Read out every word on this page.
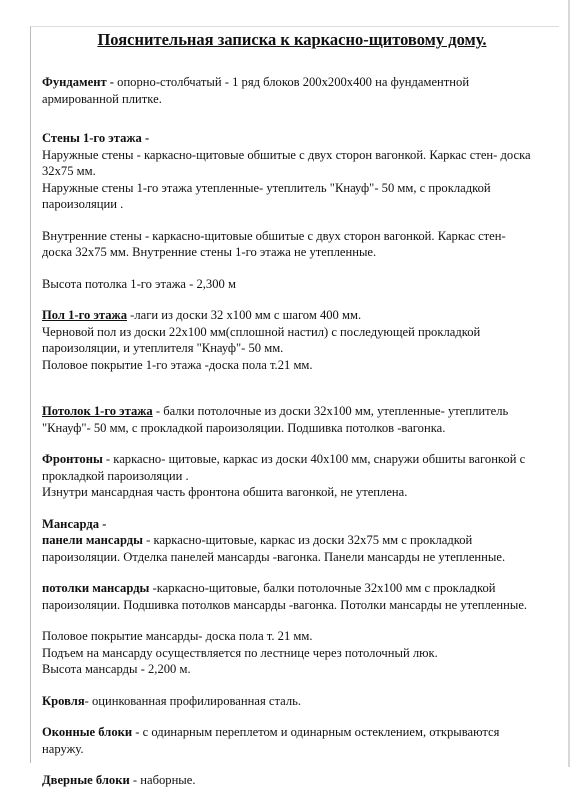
Пояснительная записка к каркасно-щитовому дому.

Фундамент - опорно-столбчатый - 1 ряд блоков 200х200х400 на фундаментной

армированной плитке.

Стены 1-го этажа -

Наружные стены - каркасно-щитовые обшитые с двух сторон вагонкой. Каркас стен- доска

32х75 мм.

Наружные стены 1-го этажа утепленные- утеплитель "Кнауф"- 50 мм, с прокладкой

пароизоляции .

Внутренние стены - каркасно-щитовые обшитые с двух сторон вагонкой. Каркас стен-

доска 32х75 мм. Внутренние стены 1-го этажа не утепленные.

Высота потолка 1-го этажа - 2,300 м

Пол 1-го этажа -лаги из доски 32 х100 мм с шагом 400 мм.

Черновой пол из доски 22х100 мм(сплошной настил) с последующей прокладкой

пароизоляции, и утеплителя "Кнауф"- 50 мм.

Половое покрытие 1-го этажа -доска пола т.21 мм.

Потолок 1-го этажа - балки потолочные из доски 32х100 мм, утепленные- утеплитель

"Кнауф"- 50 мм, с прокладкой пароизоляции. Подшивка потолков -вагонка.

Фронтоны - каркасно- щитовые, каркас из доски 40х100 мм, снаружи обшиты вагонкой с

прокладкой пароизоляции .

Изнутри мансардная часть фронтона обшита вагонкой, не утеплена.

Мансарда -

панели мансарды - каркасно-щитовые, каркас из доски 32х75 мм с прокладкой

пароизоляции. Отделка панелей мансарды -вагонка. Панели мансарды не утепленные.

потолки мансарды -каркасно-щитовые, балки потолочные 32х100 мм с прокладкой

пароизоляции. Подшивка потолков мансарды -вагонка. Потолки мансарды не утепленные.

Половое покрытие мансарды- доска пола т. 21 мм.

Подъем на мансарду осуществляется по лестнице через потолочный люк.

Высота мансарды - 2,200 м.

Кровля- оцинкованная профилированная сталь.

Оконные блоки - с одинарным переплетом и одинарным остеклением, открываются

наружу.

Дверные блоки - наборные.
